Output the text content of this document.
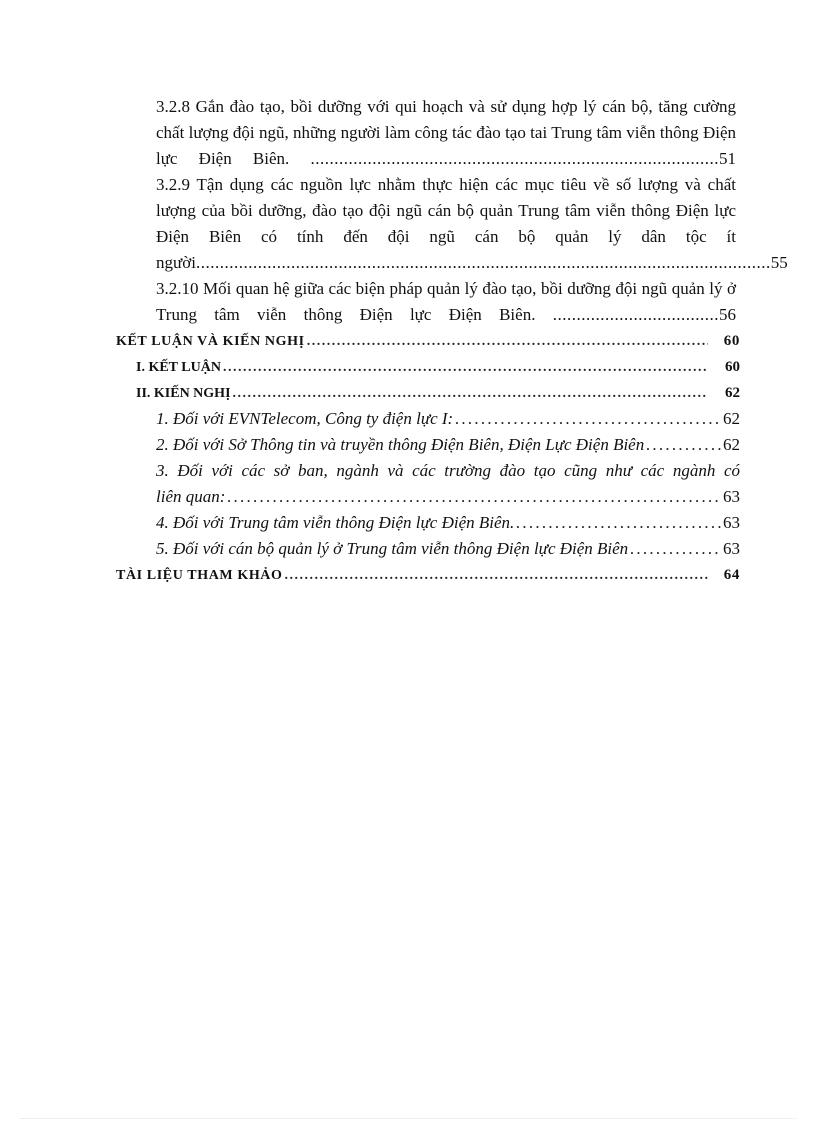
3.2.8 Gắn đào tạo, bồi dưỡng với qui hoạch và sử dụng hợp lý cán bộ, tăng cường chất lượng đội ngũ, những người làm công tác đào tạo tai Trung tâm viễn thông Điện lực Điện Biên. ......................................................................................51

3.2.9 Tận dụng các nguồn lực nhằm thực hiện các mục tiêu về số lượng và chất lượng của bồi dưỡng, đào tạo đội ngũ cán bộ quản Trung tâm viễn thông Điện lực Điện Biên có tính đến đội ngũ cán bộ quản lý dân tộc ít người.........................................................................................................................55

3.2.10 Mối quan hệ giữa các biện pháp quản lý đào tạo, bồi dưỡng đội ngũ quản lý ở Trung tâm viễn thông Điện lực Điện Biên. ...................................56

KẾT LUẬN VÀ KIẾN NGHỊ . . .	60
I. KẾT LUẬN . . .	60
II. KIẾN NGHỊ . . .	62
1. Đối với EVNTelecom, Công ty điện lực I: . . .	62
2. Đối với Sở Thông tin và truyền thông Điện Biên, Điện Lực Điện Biên . . .	62
3. Đối với các sở ban, ngành và các trường đào tạo cũng như các ngành có
liên quan: . . .	63
4. Đối với Trung tâm viễn thông Điện lực Điện Biên. . . .	63
5. Đối với cán bộ quản lý ở Trung tâm viễn thông Điện lực Điện Biên . . .	63
TÀI LIỆU THAM KHẢO . . .	64
